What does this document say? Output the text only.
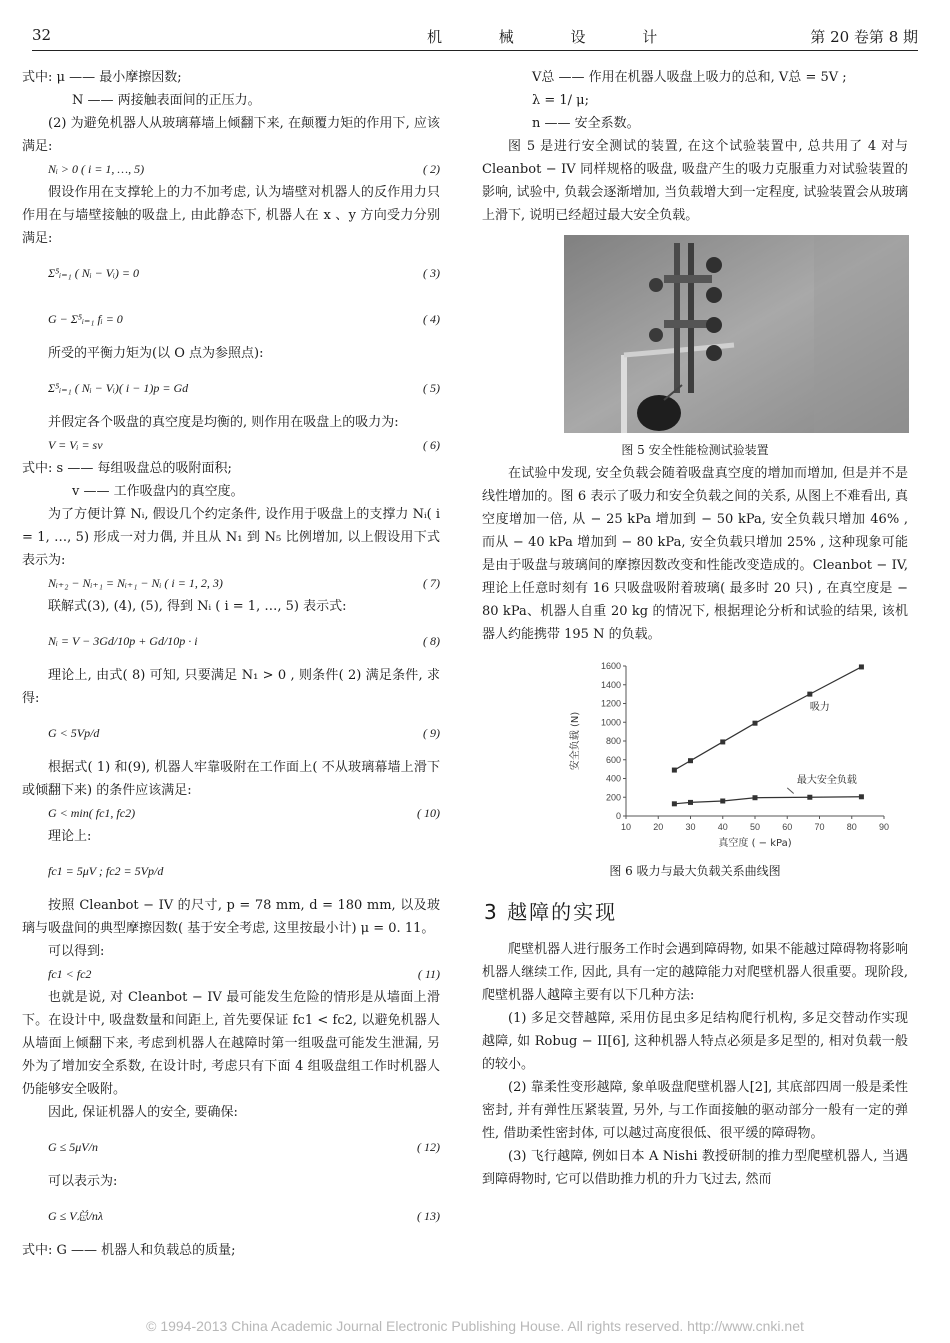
32	机 械 设 计	第 20 卷第 8 期

式中: μ —— 最小摩擦因数;

N —— 两接触表面间的正压力。

(2) 为避免机器人从玻璃幕墙上倾翻下来, 在颠覆力矩的作用下, 应该满足:

Nᵢ > 0 ( i = 1, …, 5)	( 2)

假设作用在支撑轮上的力不加考虑, 认为墙壁对机器人的反作用力只作用在与墙壁接触的吸盘上, 由此静态下, 机器人在 x 、y 方向受力分别满足:

Σ⁵ᵢ₌₁ ( Nᵢ − Vᵢ) = 0	( 3)

G − Σ⁵ᵢ₌₁ fᵢ = 0	( 4)

所受的平衡力矩为(以 O 点为参照点):

Σ⁵ᵢ₌₁ ( Nᵢ − Vᵢ)( i − 1)p = Gd	( 5)

并假定各个吸盘的真空度是均衡的, 则作用在吸盘上的吸力为:

V = Vᵢ = sv	( 6)

式中: s —— 每组吸盘总的吸附面积;

v —— 工作吸盘内的真空度。

为了方便计算 Nᵢ, 假设几个约定条件, 设作用于吸盘上的支撑力 Nᵢ( i = 1, …, 5) 形成一对力偶, 并且从 N₁ 到 N₅ 比例增加, 以上假设用下式表示为:

Nᵢ₊₂ − Nᵢ₊₁ = Nᵢ₊₁ − Nᵢ ( i = 1, 2, 3)	( 7)

联解式(3), (4), (5), 得到 Nᵢ ( i = 1, …, 5) 表示式:

Nᵢ = V − 3Gd/10p + Gd/10p · i	( 8)

理论上, 由式( 8) 可知, 只要满足 N₁ > 0 , 则条件( 2) 满足条件, 求得:

G < 5Vp/d	( 9)

根据式( 1) 和(9), 机器人牢靠吸附在工作面上( 不从玻璃幕墙上滑下或倾翻下来) 的条件应该满足:

G < min( fc1, fc2)	( 10)

理论上:

fc1 = 5μV ; fc2 = 5Vp/d

按照 Cleanbot − IV 的尺寸, p = 78 mm, d = 180 mm, 以及玻璃与吸盘间的典型摩擦因数( 基于安全考虑, 这里按最小计) μ = 0. 11。

可以得到:

fc1 < fc2	( 11)

也就是说, 对 Cleanbot − IV 最可能发生危险的情形是从墙面上滑下。在设计中, 吸盘数量和间距上, 首先要保证 fc1 < fc2, 以避免机器人从墙面上倾翻下来, 考虑到机器人在越障时第一组吸盘可能发生泄漏, 另外为了增加安全系数, 在设计时, 考虑只有下面 4 组吸盘组工作时机器人仍能够安全吸附。

因此, 保证机器人的安全, 要确保:

G ≤ 5μV/n	( 12)

可以表示为:

G ≤ V总/nλ	( 13)

式中: G —— 机器人和负载总的质量;

V总 —— 作用在机器人吸盘上吸力的总和, V总 = 5V ;

λ = 1/ μ;

n —— 安全系数。

图 5 是进行安全测试的装置, 在这个试验装置中, 总共用了 4 对与 Cleanbot − IV 同样规格的吸盘, 吸盘产生的吸力克服重力对试验装置的影响, 试验中, 负载会逐渐增加, 当负载增大到一定程度, 试验装置会从玻璃上滑下, 说明已经超过最大安全负载。

图 5 安全性能检测试验装置

在试验中发现, 安全负载会随着吸盘真空度的增加而增加, 但是并不是线性增加的。图 6 表示了吸力和安全负载之间的关系, 从图上不难看出, 真空度增加一倍, 从 − 25 kPa 增加到 − 50 kPa, 安全负载只增加 46% , 而从 − 40 kPa 增加到 − 80 kPa, 安全负载只增加 25% , 这种现象可能是由于吸盘与玻璃间的摩擦因数改变和性能改变造成的。Cleanbot − IV, 理论上任意时刻有 16 只吸盘吸附着玻璃( 最多时 20 只) , 在真空度是 − 80 kPa、机器人自重 20 kg 的情况下, 根据理论分析和试验的结果, 该机器人约能携带 195 N 的负载。

10 20 30 40 50 60 70 80 90
0
200
400
600
800
1000
1200
1400
1600
真空度 ( − kPa)
安全负载 (N)
吸力
最大安全负载

图 6 吸力与最大负载关系曲线图

3 越障的实现

爬壁机器人进行服务工作时会遇到障碍物, 如果不能越过障碍物将影响机器人继续工作, 因此, 具有一定的越障能力对爬壁机器人很重要。现阶段, 爬壁机器人越障主要有以下几种方法:

(1) 多足交替越障, 采用仿昆虫多足结构爬行机构, 多足交替动作实现越障, 如 Robug − II[6], 这种机器人特点必须是多足型的, 相对负载一般的较小。

(2) 靠柔性变形越障, 象单吸盘爬壁机器人[2], 其底部四周一般是柔性密封, 并有弹性压紧装置, 另外, 与工作面接触的驱动部分一般有一定的弹性, 借助柔性密封体, 可以越过高度很低、很平缓的障碍物。

(3) 飞行越障, 例如日本 A Nishi 教授研制的推力型爬壁机器人, 当遇到障碍物时, 它可以借助推力机的升力飞过去, 然而

© 1994-2013 China Academic Journal Electronic Publishing House. All rights reserved. http://www.cnki.net
